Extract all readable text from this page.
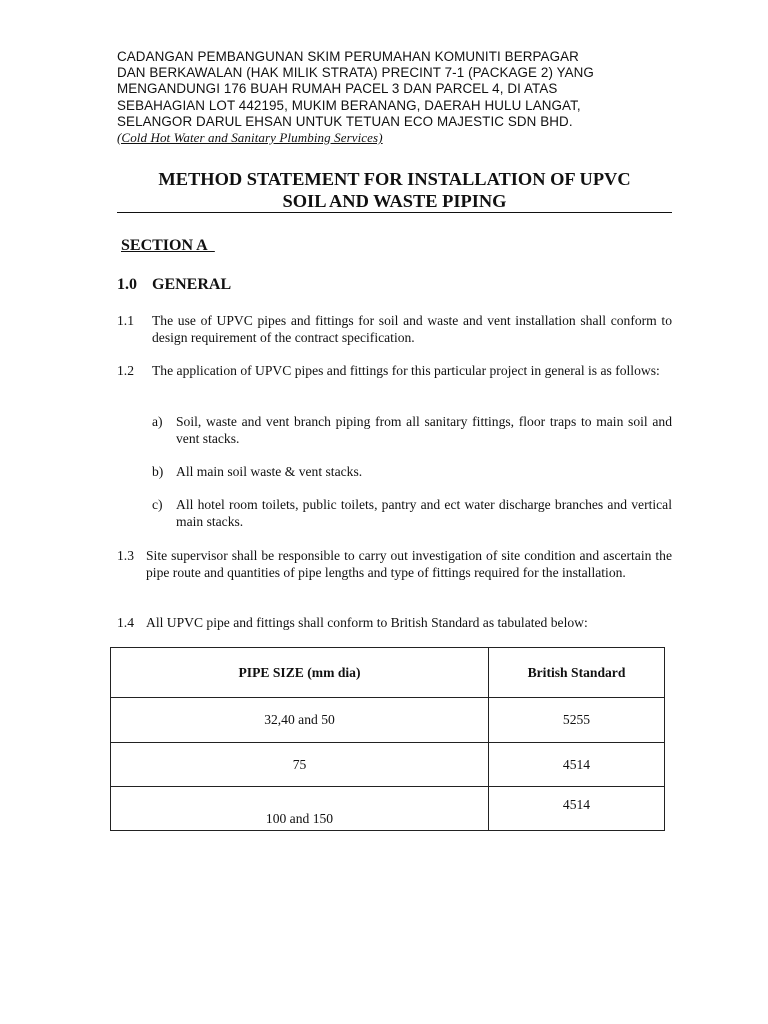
CADANGAN PEMBANGUNAN SKIM PERUMAHAN KOMUNITI BERPAGAR
DAN BERKAWALAN (HAK MILIK STRATA) PRECINT 7-1 (PACKAGE 2) YANG
MENGANDUNGI 176 BUAH RUMAH PACEL 3 DAN PARCEL 4, DI ATAS
SEBAHAGIAN LOT 442195, MUKIM BERANANG, DAERAH HULU LANGAT,
SELANGOR DARUL EHSAN UNTUK TETUAN ECO MAJESTIC SDN BHD.
(Cold Hot Water and Sanitary Plumbing Services)
METHOD STATEMENT FOR INSTALLATION OF UPVC
SOIL AND WASTE PIPING
SECTION A
1.0 GENERAL
1.1 The use of UPVC pipes and fittings for soil and waste and vent installation shall conform to design requirement of the contract specification.
1.2 The application of UPVC pipes and fittings for this particular project in general is as follows:
a) Soil, waste and vent branch piping from all sanitary fittings, floor traps to main soil and vent stacks.
b) All main soil waste & vent stacks.
c) All hotel room toilets, public toilets, pantry and ect water discharge branches and vertical main stacks.
1.3 Site supervisor shall be responsible to carry out investigation of site condition and ascertain the pipe route and quantities of pipe lengths and type of fittings required for the installation.
1.4 All UPVC pipe and fittings shall conform to British Standard as tabulated below:
PIPE SIZE (mm dia)	British Standard
32,40 and 50	5255
75	4514

100 and 150	4514
